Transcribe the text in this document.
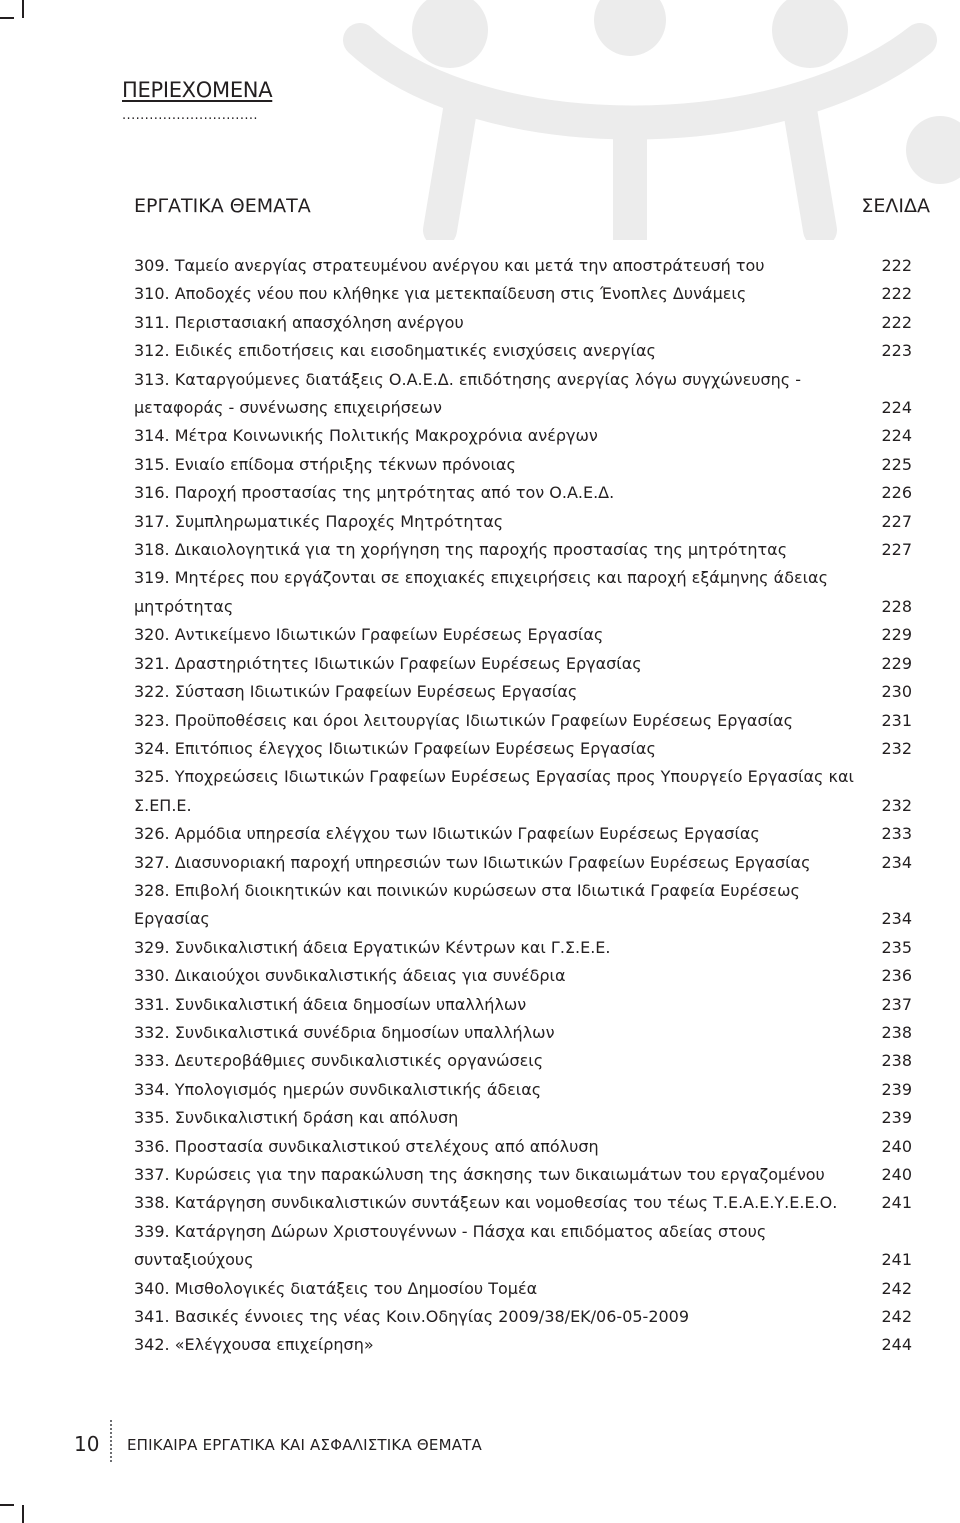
ΠΕΡΙΕΧΟΜΕΝΑ
..............................
ΕΡΓΑΤΙΚΑ ΘΕΜΑΤΑ	ΣΕΛΙΔΑ
309. Ταμείο ανεργίας στρατευμένου ανέργου και μετά την αποστράτευσή του	222
310. Αποδοχές νέου που κλήθηκε για μετεκπαίδευση στις Ένοπλες Δυνάμεις	222
311. Περιστασιακή απασχόληση ανέργου	222
312. Ειδικές επιδοτήσεις και εισοδηματικές ενισχύσεις ανεργίας	223
313. Καταργούμενες διατάξεις Ο.Α.Ε.Δ. επιδότησης ανεργίας λόγω συγχώνευσης - μεταφοράς - συνένωσης επιχειρήσεων	224
314. Μέτρα Κοινωνικής Πολιτικής Μακροχρόνια ανέργων	224
315. Ενιαίο επίδομα στήριξης τέκνων πρόνοιας	225
316. Παροχή προστασίας της μητρότητας από τον Ο.Α.Ε.Δ.	226
317. Συμπληρωματικές Παροχές Μητρότητας	227
318. Δικαιολογητικά για τη χορήγηση της παροχής προστασίας της μητρότητας	227
319. Μητέρες που εργάζονται σε εποχιακές επιχειρήσεις και παροχή εξάμηνης άδειας μητρότητας	228
320. Αντικείμενο Ιδιωτικών Γραφείων Ευρέσεως Εργασίας	229
321. Δραστηριότητες Ιδιωτικών Γραφείων Ευρέσεως Εργασίας	229
322. Σύσταση Ιδιωτικών Γραφείων Ευρέσεως Εργασίας	230
323. Προϋποθέσεις και όροι λειτουργίας Ιδιωτικών Γραφείων Ευρέσεως Εργασίας	231
324. Επιτόπιος έλεγχος Ιδιωτικών Γραφείων Ευρέσεως Εργασίας	232
325. Υποχρεώσεις Ιδιωτικών Γραφείων Ευρέσεως Εργασίας προς Υπουργείο Εργασίας και Σ.ΕΠ.Ε.	232
326. Αρμόδια υπηρεσία ελέγχου των Ιδιωτικών Γραφείων Ευρέσεως Εργασίας	233
327. Διασυνοριακή παροχή υπηρεσιών των Ιδιωτικών Γραφείων Ευρέσεως Εργασίας	234
328. Επιβολή διοικητικών και ποινικών κυρώσεων στα Ιδιωτικά Γραφεία Ευρέσεως Εργασίας	234
329. Συνδικαλιστική άδεια Εργατικών Κέντρων και Γ.Σ.Ε.Ε.	235
330. Δικαιούχοι συνδικαλιστικής άδειας για συνέδρια	236
331. Συνδικαλιστική άδεια δημοσίων υπαλλήλων	237
332. Συνδικαλιστικά συνέδρια δημοσίων υπαλλήλων	238
333. Δευτεροβάθμιες συνδικαλιστικές οργανώσεις	238
334. Υπολογισμός ημερών συνδικαλιστικής άδειας	239
335. Συνδικαλιστική δράση και απόλυση	239
336. Προστασία συνδικαλιστικού στελέχους από απόλυση	240
337. Κυρώσεις για την παρακώλυση της άσκησης των δικαιωμάτων του εργαζομένου	240
338. Κατάργηση συνδικαλιστικών συντάξεων και νομοθεσίας του τέως Τ.Ε.Α.Ε.Υ.Ε.Ε.Ο.	241
339. Κατάργηση Δώρων Χριστουγέννων - Πάσχα και επιδόματος αδείας στους συνταξιούχους	241
340. Μισθολογικές διατάξεις του Δημοσίου Τομέα	242
341. Βασικές έννοιες της νέας Κοιν.Οδηγίας 2009/38/ΕΚ/06-05-2009	242
342. «Ελέγχουσα επιχείρηση»	244
10 ΕΠΙΚΑΙΡΑ ΕΡΓΑΤΙΚΑ ΚΑΙ ΑΣΦΑΛΙΣΤΙΚΑ ΘΕΜΑΤΑ
